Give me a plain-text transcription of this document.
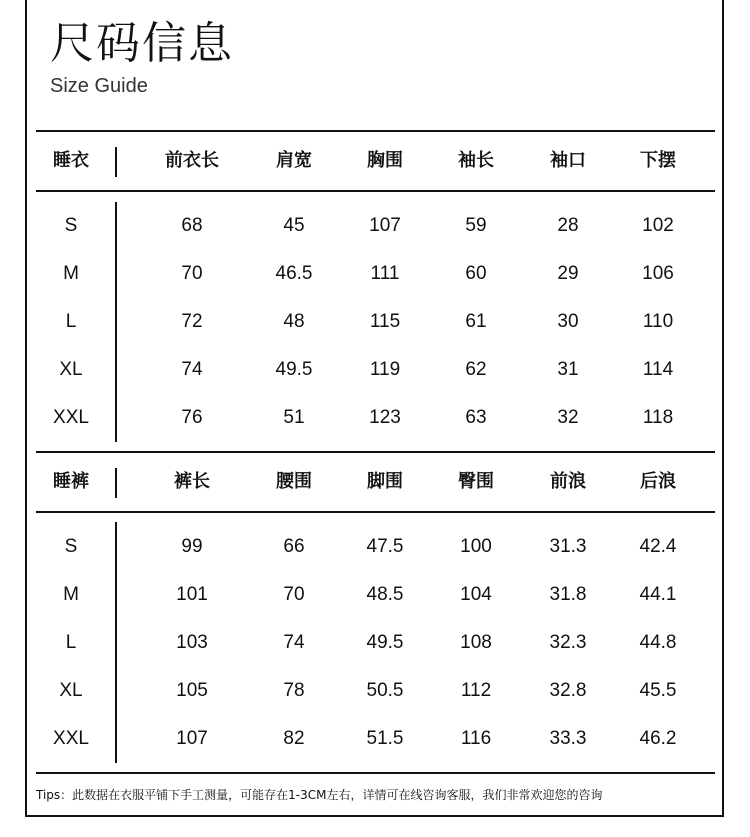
尺码信息
Size Guide
睡衣	前衣长	肩宽	胸围	袖长	袖口	下摆
S	68	45	107	59	28	102
M	70	46.5	111	60	29	106
L	72	48	115	61	30	110
XL	74	49.5	119	62	31	114
XXL	76	51	123	63	32	118
睡裤	裤长	腰围	脚围	臀围	前浪	后浪
S	99	66	47.5	100	31.3	42.4
M	101	70	48.5	104	31.8	44.1
L	103	74	49.5	108	32.3	44.8
XL	105	78	50.5	112	32.8	45.5
XXL	107	82	51.5	116	33.3	46.2
Tips：此数据在衣服平铺下手工测量，可能存在1-3CM左右，详情可在线咨询客服，我们非常欢迎您的咨询
